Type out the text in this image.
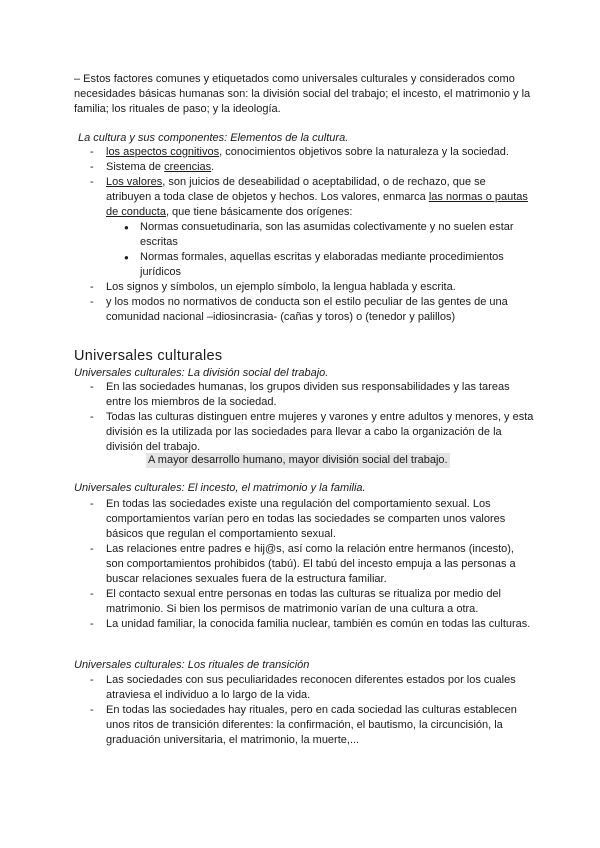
– Estos factores comunes y etiquetados como universales culturales y considerados como necesidades básicas humanas son: la división social del trabajo; el incesto, el matrimonio y la familia; los rituales de paso; y la ideología.
La cultura y sus componentes: Elementos de la cultura.
- los aspectos cognitivos, conocimientos objetivos sobre la naturaleza y la sociedad.
- Sistema de creencias.
- Los valores, son juicios de deseabilidad o aceptabilidad, o de rechazo, que se atribuyen a toda clase de objetos y hechos. Los valores, enmarca las normas o pautas de conducta, que tiene básicamente dos orígenes:
● Normas consuetudinaria, son las asumidas colectivamente y no suelen estar escritas
● Normas formales, aquellas escritas y elaboradas mediante procedimientos jurídicos
- Los signos y símbolos, un ejemplo símbolo, la lengua hablada y escrita.
- y los modos no normativos de conducta son el estilo peculiar de las gentes de una comunidad nacional –idiosincrasia- (cañas y toros) o (tenedor y palillos)
Universales culturales
Universales culturales: La división social del trabajo.
- En las sociedades humanas, los grupos dividen sus responsabilidades y las tareas entre los miembros de la sociedad.
- Todas las culturas distinguen entre mujeres y varones y entre adultos y menores, y esta división es la utilizada por las sociedades para llevar a cabo la organización de la división del trabajo.
A mayor desarrollo humano, mayor división social del trabajo.
Universales culturales: El incesto, el matrimonio y la familia.
- En todas las sociedades existe una regulación del comportamiento sexual. Los comportamientos varían pero en todas las sociedades se comparten unos valores básicos que regulan el comportamiento sexual.
- Las relaciones entre padres e hij@s, así como la relación entre hermanos (incesto), son comportamientos prohibidos (tabú). El tabú del incesto empuja a las personas a buscar relaciones sexuales fuera de la estructura familiar.
- El contacto sexual entre personas en todas las culturas se ritualiza por medio del matrimonio. Si bien los permisos de matrimonio varían de una cultura a otra.
- La unidad familiar, la conocida familia nuclear, también es común en todas las culturas.
Universales culturales: Los rituales de transición
- Las sociedades con sus peculiaridades reconocen diferentes estados por los cuales atraviesa el individuo a lo largo de la vida.
- En todas las sociedades hay rituales, pero en cada sociedad las culturas establecen unos ritos de transición diferentes: la confirmación, el bautismo, la circuncisión, la graduación universitaria, el matrimonio, la muerte,...
